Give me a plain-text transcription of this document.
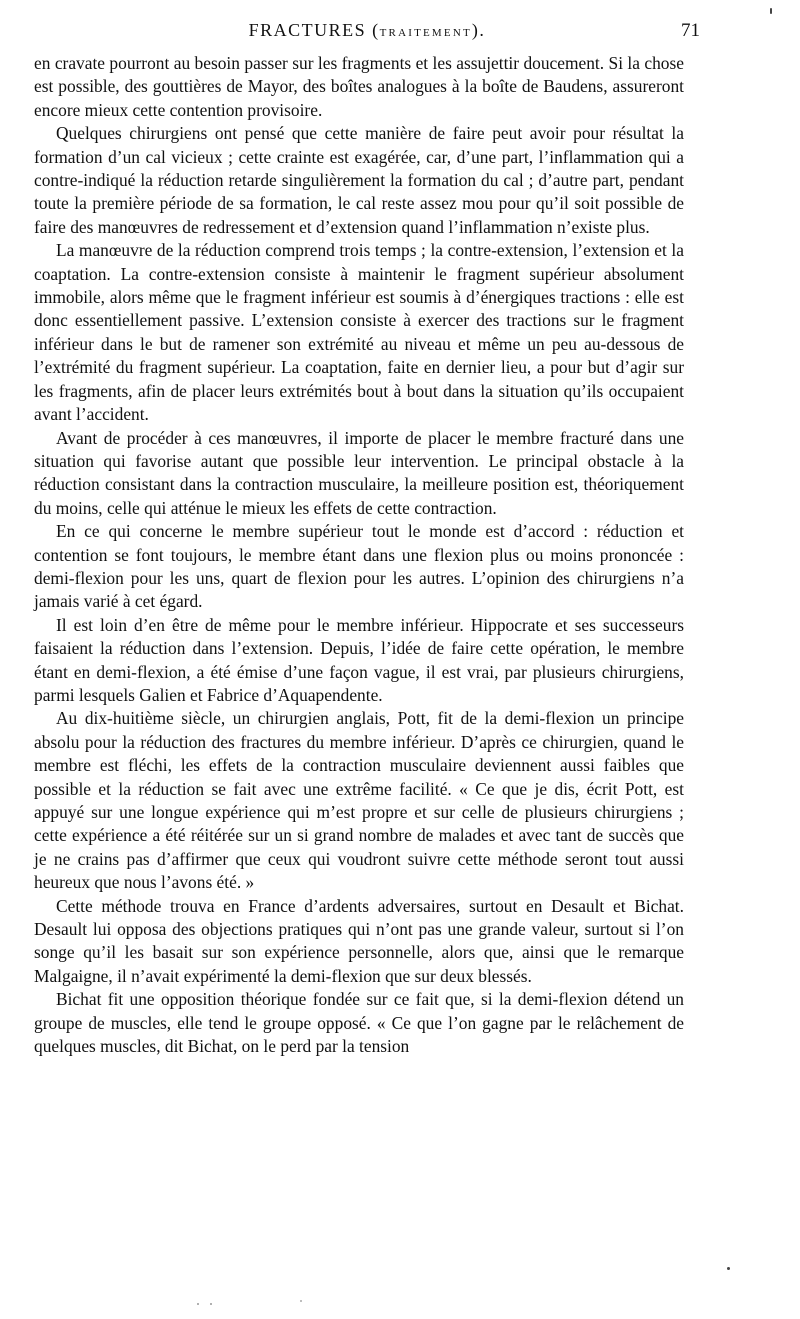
FRACTURES (TRAITEMENT).	71

en cravate pourront au besoin passer sur les fragments et les assujettir doucement. Si la chose est possible, des gouttières de Mayor, des boîtes analogues à la boîte de Baudens, assureront encore mieux cette contention provisoire.

Quelques chirurgiens ont pensé que cette manière de faire peut avoir pour résultat la formation d’un cal vicieux ; cette crainte est exagérée, car, d’une part, l’inflammation qui a contre-indiqué la réduction retarde singulièrement la formation du cal ; d’autre part, pendant toute la première période de sa formation, le cal reste assez mou pour qu’il soit possible de faire des manœuvres de redressement et d’extension quand l’inflammation n’existe plus.

La manœuvre de la réduction comprend trois temps ; la contre-extension, l’extension et la coaptation. La contre-extension consiste à maintenir le fragment supérieur absolument immobile, alors même que le fragment inférieur est soumis à d’énergiques tractions : elle est donc essentiellement passive. L’extension consiste à exercer des tractions sur le fragment inférieur dans le but de ramener son extrémité au niveau et même un peu au-dessous de l’extrémité du fragment supérieur. La coaptation, faite en dernier lieu, a pour but d’agir sur les fragments, afin de placer leurs extrémités bout à bout dans la situation qu’ils occupaient avant l’accident.

Avant de procéder à ces manœuvres, il importe de placer le membre fracturé dans une situation qui favorise autant que possible leur intervention. Le principal obstacle à la réduction consistant dans la contraction musculaire, la meilleure position est, théoriquement du moins, celle qui atténue le mieux les effets de cette contraction.

En ce qui concerne le membre supérieur tout le monde est d’accord : réduction et contention se font toujours, le membre étant dans une flexion plus ou moins prononcée : demi-flexion pour les uns, quart de flexion pour les autres. L’opinion des chirurgiens n’a jamais varié à cet égard.

Il est loin d’en être de même pour le membre inférieur. Hippocrate et ses successeurs faisaient la réduction dans l’extension. Depuis, l’idée de faire cette opération, le membre étant en demi-flexion, a été émise d’une façon vague, il est vrai, par plusieurs chirurgiens, parmi lesquels Galien et Fabrice d’Aquapendente.

Au dix-huitième siècle, un chirurgien anglais, Pott, fit de la demi-flexion un principe absolu pour la réduction des fractures du membre inférieur. D’après ce chirurgien, quand le membre est fléchi, les effets de la contraction musculaire deviennent aussi faibles que possible et la réduction se fait avec une extrême facilité. « Ce que je dis, écrit Pott, est appuyé sur une longue expérience qui m’est propre et sur celle de plusieurs chirurgiens ; cette expérience a été réitérée sur un si grand nombre de malades et avec tant de succès que je ne crains pas d’affirmer que ceux qui voudront suivre cette méthode seront tout aussi heureux que nous l’avons été. »

Cette méthode trouva en France d’ardents adversaires, surtout en Desault et Bichat. Desault lui opposa des objections pratiques qui n’ont pas une grande valeur, surtout si l’on songe qu’il les basait sur son expérience personnelle, alors que, ainsi que le remarque Malgaigne, il n’avait expérimenté la demi-flexion que sur deux blessés.

Bichat fit une opposition théorique fondée sur ce fait que, si la demi-flexion détend un groupe de muscles, elle tend le groupe opposé. « Ce que l’on gagne par le relâchement de quelques muscles, dit Bichat, on le perd par la tension
